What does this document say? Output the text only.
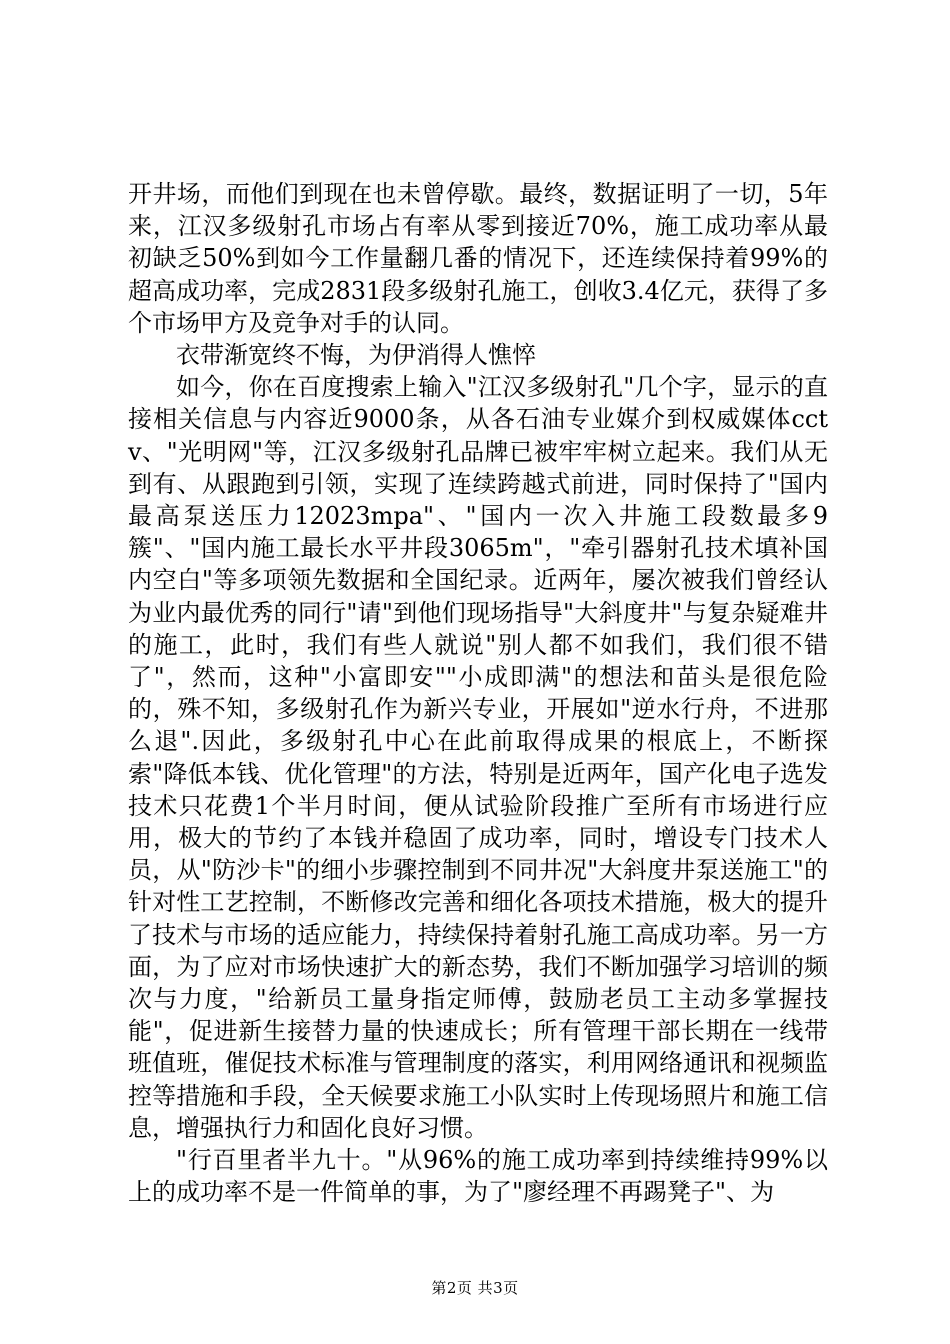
开井场，而他们到现在也未曾停歇。最终，数据证明了一切，5年来，江汉多级射孔市场占有率从零到接近70%，施工成功率从最初缺乏50%到如今工作量翻几番的情况下，还连续保持着99%的超高成功率，完成2831段多级射孔施工，创收3.4亿元，获得了多个市场甲方及竞争对手的认同。

衣带渐宽终不悔，为伊消得人憔悴

如今，你在百度搜索上输入"江汉多级射孔"几个字，显示的直接相关信息与内容近9000条，从各石油专业媒介到权威媒体cctv、"光明网"等，江汉多级射孔品牌已被牢牢树立起来。我们从无到有、从跟跑到引领，实现了连续跨越式前进，同时保持了"国内最高泵送压力12023mpa"、"国内一次入井施工段数最多9簇"、"国内施工最长水平井段3065m"，"牵引器射孔技术填补国内空白"等多项领先数据和全国纪录。近两年，屡次被我们曾经认为业内最优秀的同行"请"到他们现场指导"大斜度井"与复杂疑难井的施工，此时，我们有些人就说"别人都不如我们，我们很不错了"，然而，这种"小富即安""小成即满"的想法和苗头是很危险的，殊不知，多级射孔作为新兴专业，开展如"逆水行舟，不进那么退".因此，多级射孔中心在此前取得成果的根底上，不断探索"降低本钱、优化管理"的方法，特别是近两年，国产化电子选发技术只花费1个半月时间，便从试验阶段推广至所有市场进行应用，极大的节约了本钱并稳固了成功率，同时，增设专门技术人员，从"防沙卡"的细小步骤控制到不同井况"大斜度井泵送施工"的针对性工艺控制，不断修改完善和细化各项技术措施，极大的提升了技术与市场的适应能力，持续保持着射孔施工高成功率。另一方面，为了应对市场快速扩大的新态势，我们不断加强学习培训的频次与力度，"给新员工量身指定师傅，鼓励老员工主动多掌握技能"，促进新生接替力量的快速成长；所有管理干部长期在一线带班值班，催促技术标准与管理制度的落实，利用网络通讯和视频监控等措施和手段，全天候要求施工小队实时上传现场照片和施工信息，增强执行力和固化良好习惯。

"行百里者半九十。"从96%的施工成功率到持续维持99%以上的成功率不是一件简单的事，为了"廖经理不再踢凳子"、为

第2页 共3页
